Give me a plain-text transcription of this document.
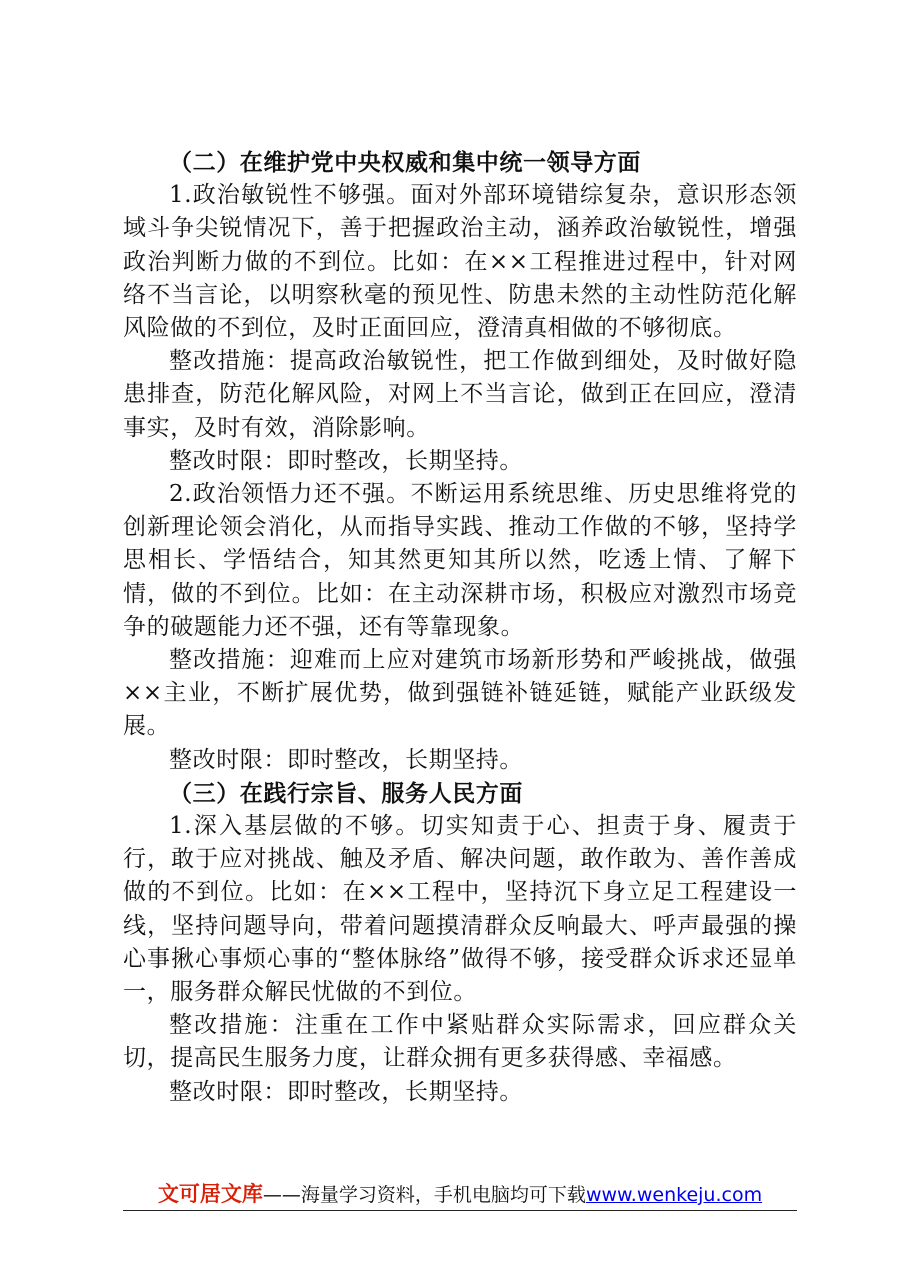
（二）在维护党中央权威和集中统一领导方面

1.政治敏锐性不够强。面对外部环境错综复杂，意识形态领域斗争尖锐情况下，善于把握政治主动，涵养政治敏锐性，增强政治判断力做的不到位。比如：在××工程推进过程中，针对网络不当言论，以明察秋毫的预见性、防患未然的主动性防范化解风险做的不到位，及时正面回应，澄清真相做的不够彻底。

整改措施：提高政治敏锐性，把工作做到细处，及时做好隐患排查，防范化解风险，对网上不当言论，做到正在回应，澄清事实，及时有效，消除影响。

整改时限：即时整改，长期坚持。

2.政治领悟力还不强。不断运用系统思维、历史思维将党的创新理论领会消化，从而指导实践、推动工作做的不够，坚持学思相长、学悟结合，知其然更知其所以然，吃透上情、了解下情，做的不到位。比如：在主动深耕市场，积极应对激烈市场竞争的破题能力还不强，还有等靠现象。

整改措施：迎难而上应对建筑市场新形势和严峻挑战，做强××主业，不断扩展优势，做到强链补链延链，赋能产业跃级发展。

整改时限：即时整改，长期坚持。

（三）在践行宗旨、服务人民方面

1.深入基层做的不够。切实知责于心、担责于身、履责于行，敢于应对挑战、触及矛盾、解决问题，敢作敢为、善作善成做的不到位。比如：在××工程中，坚持沉下身立足工程建设一线，坚持问题导向，带着问题摸清群众反响最大、呼声最强的操心事揪心事烦心事的“整体脉络”做得不够，接受群众诉求还显单一，服务群众解民忧做的不到位。

整改措施：注重在工作中紧贴群众实际需求，回应群众关切，提高民生服务力度，让群众拥有更多获得感、幸福感。

整改时限：即时整改，长期坚持。

文可居文库——海量学习资料，手机电脑均可下载www.wenkeju.com
